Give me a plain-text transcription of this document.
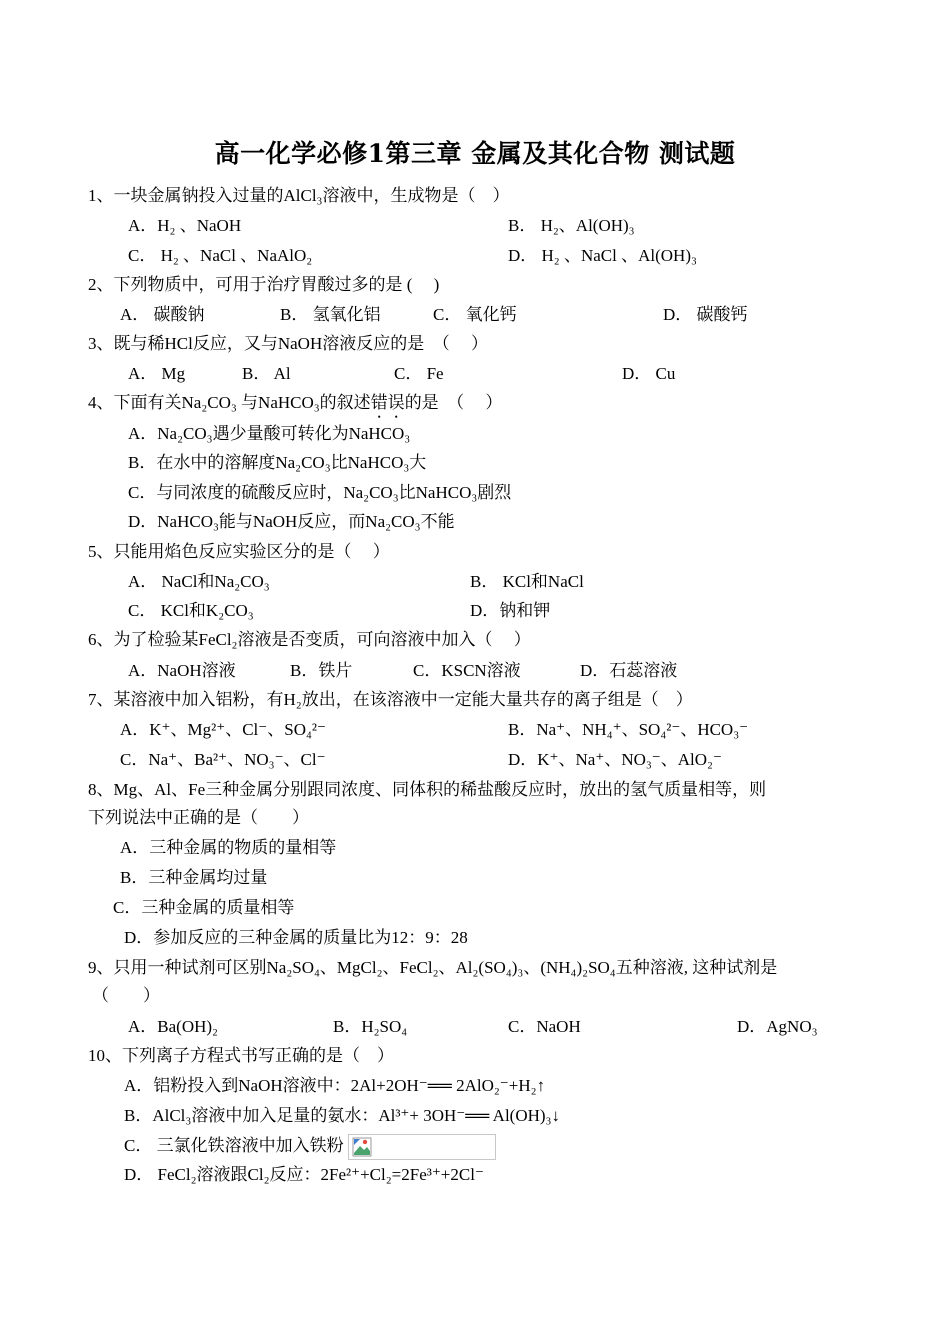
高一化学必修1第三章 金属及其化合物 测试题
1、一块金属钠投入过量的AlCl₃溶液中，生成物是（　）
A．H₂ 、NaOH	B． H₂、Al(OH)₃
C． H₂ 、NaCl 、NaAlO₂	D． H₂ 、NaCl 、Al(OH)₃
2、下列物质中，可用于治疗胃酸过多的是 (　 )
A． 碳酸钠	B． 氢氧化铝	C． 氧化钙	D． 碳酸钙
3、既与稀HCl反应，又与NaOH溶液反应的是　（　 ）
A． Mg	B． Al	C． Fe	D． Cu
4、下面有关Na₂CO₃ 与NaHCO₃的叙述错误的是　（　 ）
A．Na₂CO₃遇少量酸可转化为NaHCO₃
B．在水中的溶解度Na₂CO₃比NaHCO₃大
C．与同浓度的硫酸反应时，Na₂CO₃比NaHCO₃剧烈
D．NaHCO₃能与NaOH反应，而Na₂CO₃不能
5、只能用焰色反应实验区分的是（　 ）
A． NaCl和Na₂CO₃	B． KCl和NaCl
C． KCl和K₂CO₃	D．钠和钾
6、为了检验某FeCl₂溶液是否变质，可向溶液中加入（　 ）
A．NaOH溶液	B．铁片	C．KSCN溶液	D．石蕊溶液
7、某溶液中加入铝粉，有H₂放出，在该溶液中一定能大量共存的离子组是（　）
A．K⁺、Mg²⁺、Cl⁻、SO₄²⁻	B．Na⁺、NH₄⁺、SO₄²⁻、HCO₃⁻
C．Na⁺、Ba²⁺、NO₃⁻、Cl⁻	D．K⁺、Na⁺、NO₃⁻、AlO₂⁻
8、Mg、Al、Fe三种金属分别跟同浓度、同体积的稀盐酸反应时，放出的氢气质量相等，则
下列说法中正确的是（　　）
A．三种金属的物质的量相等
B．三种金属均过量
C．三种金属的质量相等
D．参加反应的三种金属的质量比为12：9：28
9、只用一种试剂可区别Na₂SO₄、MgCl₂、FeCl₂、Al₂(SO₄)₃、(NH₄)₂SO₄五种溶液, 这种试剂是
（　　）
A．Ba(OH)₂	B．H₂SO₄	C．NaOH	D．AgNO₃
10、下列离子方程式书写正确的是（　）
A．铝粉投入到NaOH溶液中：2Al+2OH⁻══ 2AlO₂⁻+H₂↑
B．AlCl₃溶液中加入足量的氨水：Al³⁺+ 3OH⁻══ Al(OH)₃↓
C． 三氯化铁溶液中加入铁粉
D． FeCl₂溶液跟Cl₂反应：2Fe²⁺+Cl₂=2Fe³⁺+2Cl⁻
